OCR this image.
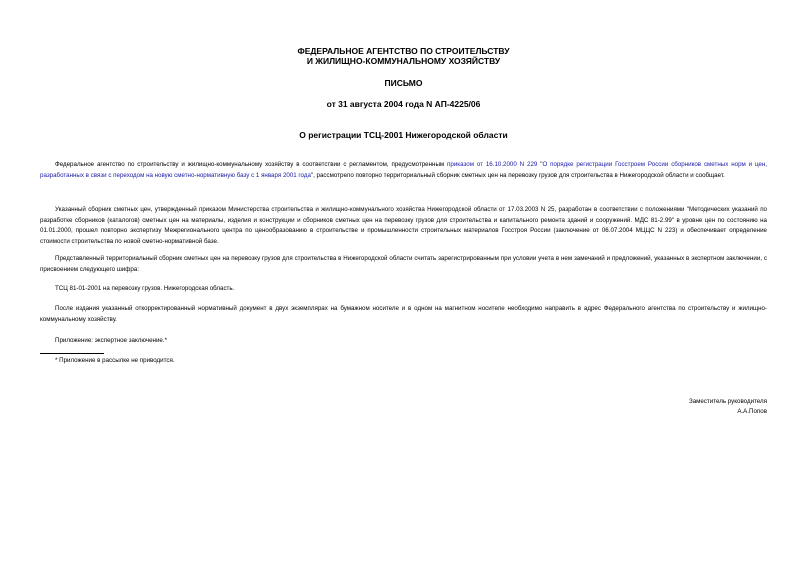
ФЕДЕРАЛЬНОЕ АГЕНТСТВО ПО СТРОИТЕЛЬСТВУ
И ЖИЛИЩНО-КОММУНАЛЬНОМУ ХОЗЯЙСТВУ
ПИСЬМО
от 31 августа 2004 года N АП-4225/06
О регистрации ТСЦ-2001 Нижегородской области
Федеральное агентство по строительству и жилищно-коммунальному хозяйству в соответствии с регламентом, предусмотренным приказом от 16.10.2000 N 229 "О порядке регистрации Госстроем России сборников сметных норм и цен, разработанных в связи с переходом на новую сметно-нормативную базу с 1 января 2001 года", рассмотрело повторно территориальный сборник сметных цен на перевозку грузов для строительства в Нижегородской области и сообщает.
Указанный сборник сметных цен, утвержденный приказом Министерства строительства и жилищно-коммунального хозяйства Нижегородской области от 17.03.2003 N 25, разработан в соответствии с положениями "Методических указаний по разработке сборников (каталогов) сметных цен на материалы, изделия и конструкции и сборников сметных цен на перевозку грузов для строительства и капитального ремонта зданий и сооружений. МДС 81-2.99" в уровне цен по состоянию на 01.01.2000, прошел повторно экспертизу Межрегионального центра по ценообразованию в строительстве и промышленности строительных материалов Госстроя России (заключение от 06.07.2004 МЦЦС N 223) и обеспечивает определение стоимости строительства по новой сметно-нормативной базе.
Представленный территориальный сборник сметных цен на перевозку грузов для строительства в Нижегородской области считать зарегистрированным при условии учета в нем замечаний и предложений, указанных в экспертном заключении, с присвоением следующего шифра:
ТСЦ 81-01-2001 на перевозку грузов. Нижегородская область.
После издания указанный откорректированный нормативный документ в двух экземплярах на бумажном носителе и в одном на магнитном носителе необходимо направить в адрес Федерального агентства по строительству и жилищно-коммунальному хозяйству.
Приложение: экспертное заключение.*
* Приложение в рассылке не приводится.
Заместитель руководителя
А.А.Попов
